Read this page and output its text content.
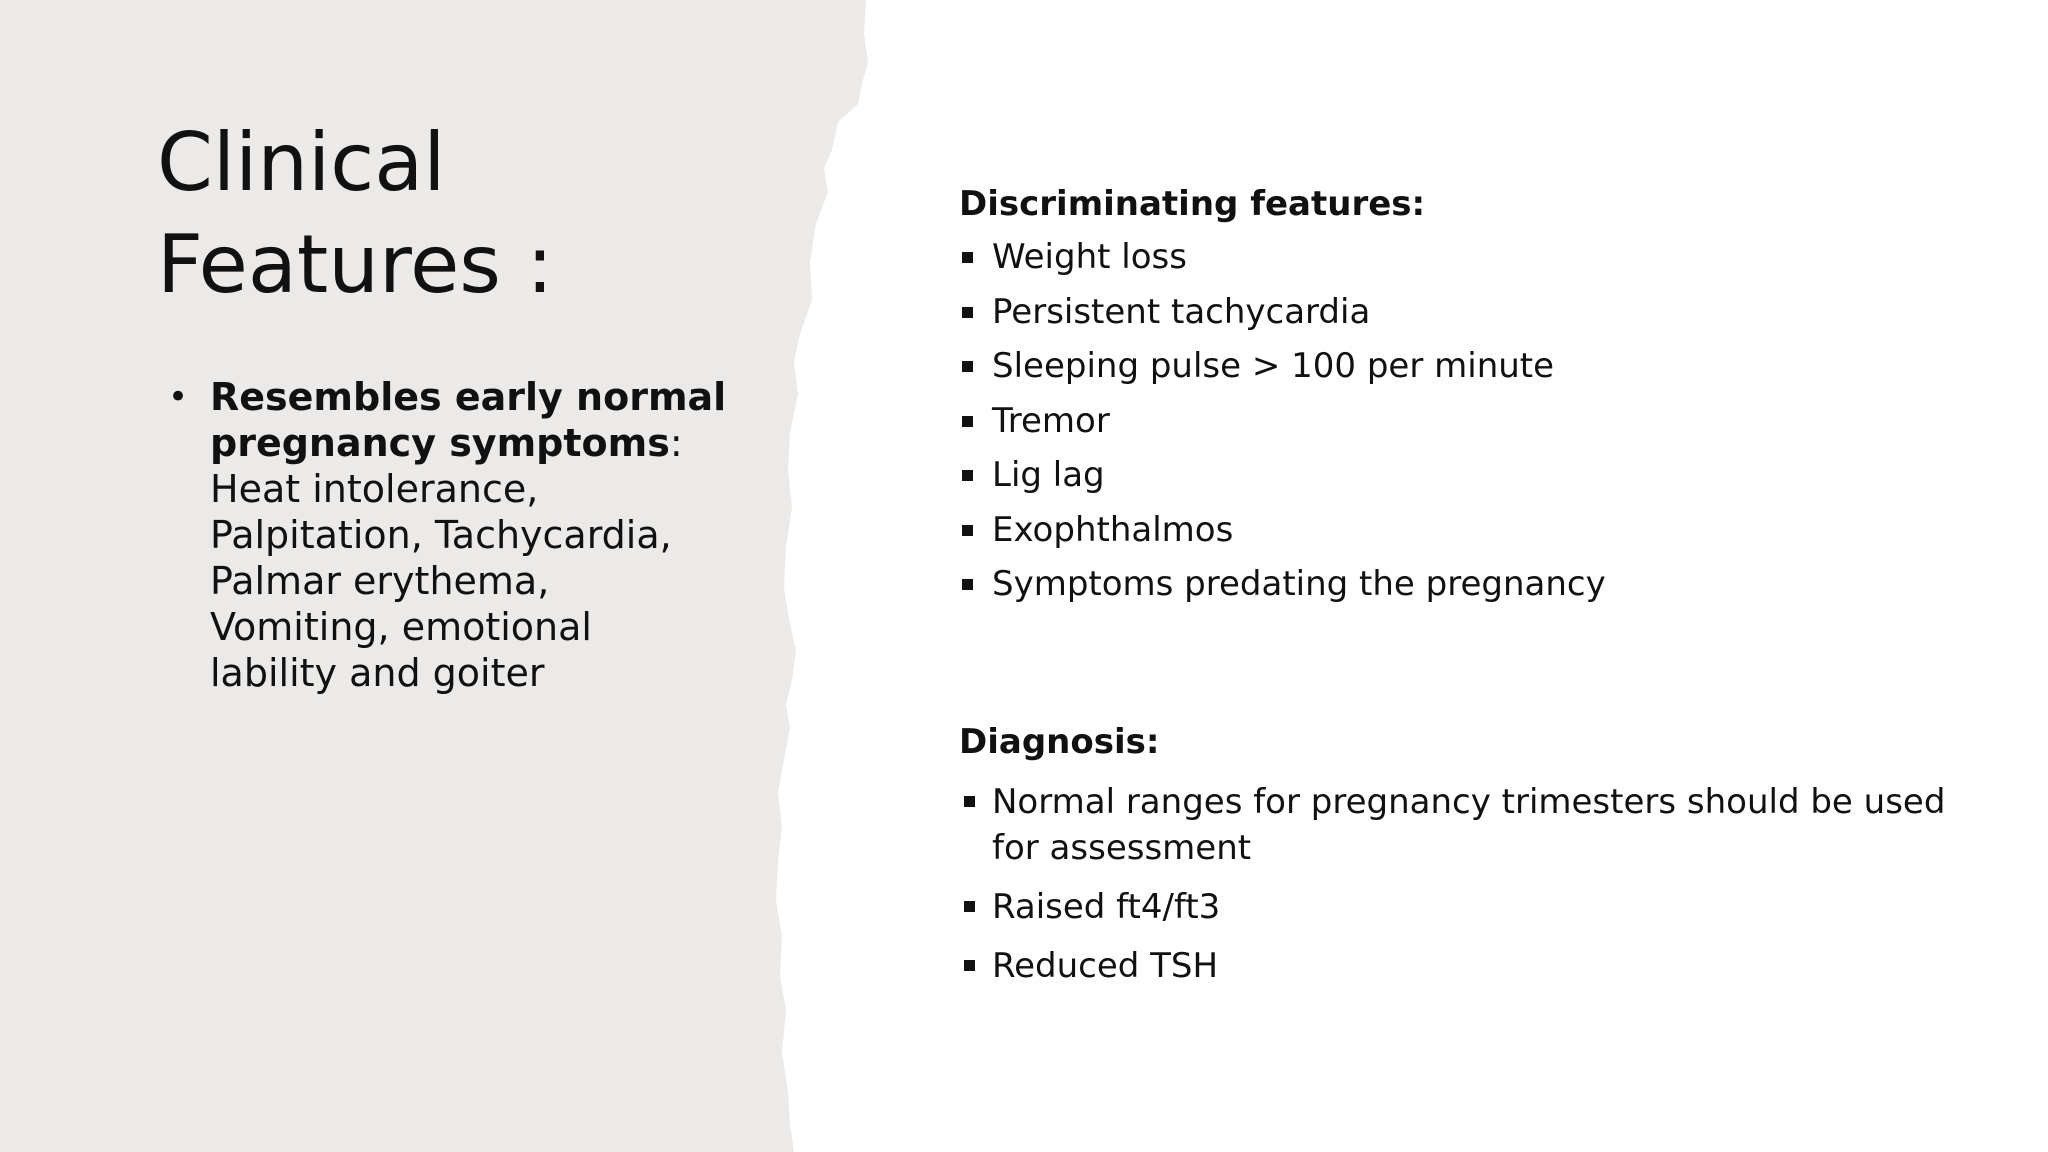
Clinical
Features :
• Resembles early normal pregnancy symptoms: Heat intolerance, Palpitation, Tachycardia, Palmar erythema, Vomiting, emotional lability and goiter
Discriminating features:
Weight loss
Persistent tachycardia
Sleeping pulse > 100 per minute
Tremor
Lig lag
Exophthalmos
Symptoms predating the pregnancy
Diagnosis:
Normal ranges for pregnancy trimesters should be used for assessment
Raised ft4/ft3
Reduced TSH
